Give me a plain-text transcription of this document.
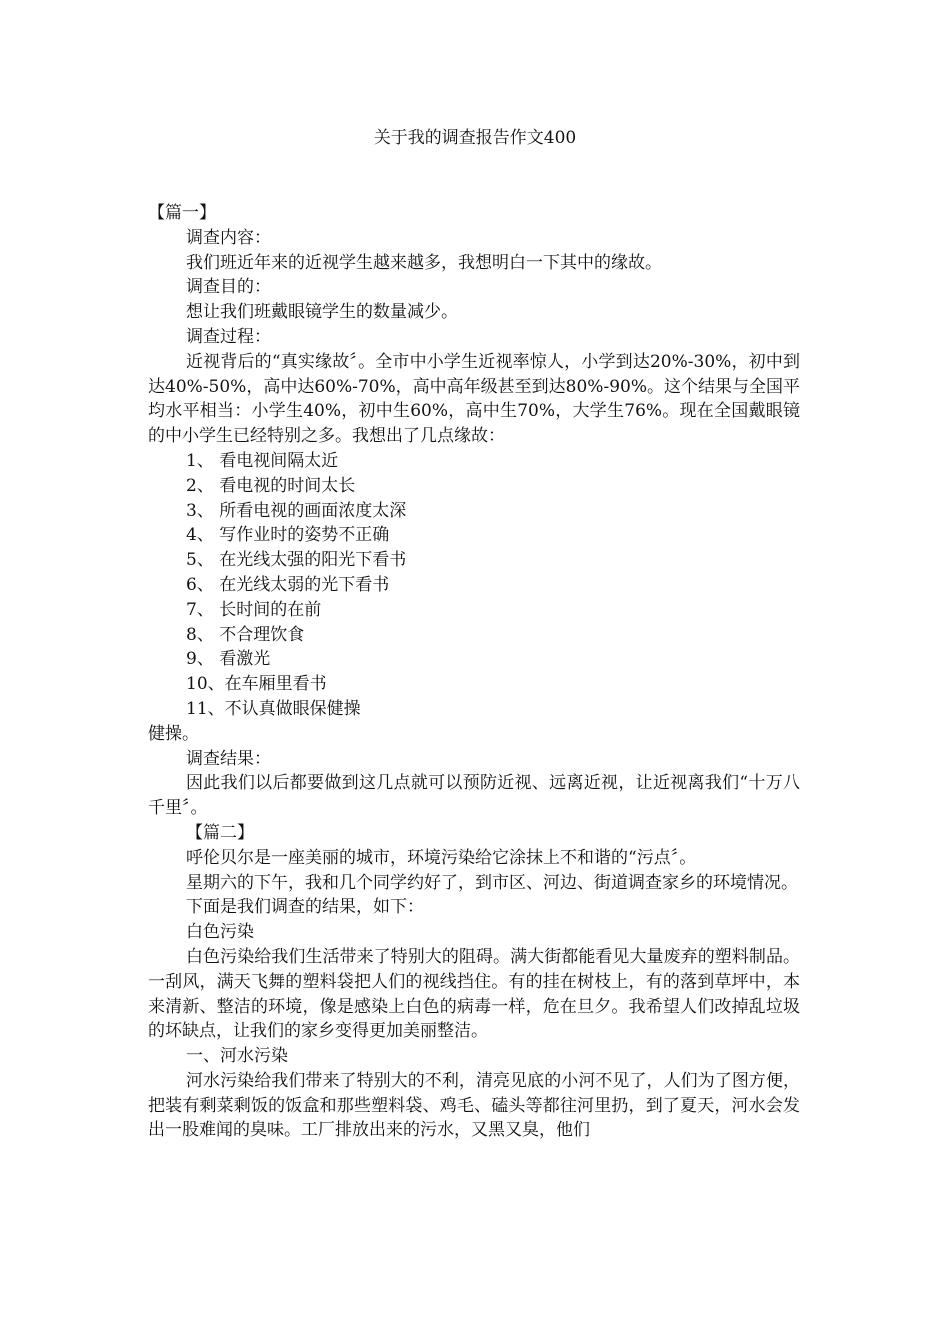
关于我的调查报告作文400

【篇一】

调查内容：

我们班近年来的近视学生越来越多，我想明白一下其中的缘故。

调查目的：

想让我们班戴眼镜学生的数量减少。

调查过程：

近视背后的“真实缘故〞。全市中小学生近视率惊人，小学到达20%-30%，初中到达40%-50%，高中达60%-70%，高中高年级甚至到达80%-90%。这个结果与全国平均水平相当：小学生40%，初中生60%，高中生70%，大学生76%。现在全国戴眼镜的中小学生已经特别之多。我想出了几点缘故：

1、 看电视间隔太近

2、 看电视的时间太长

3、 所看电视的画面浓度太深

4、 写作业时的姿势不正确

5、 在光线太强的阳光下看书

6、 在光线太弱的光下看书

7、 长时间的在前

8、 不合理饮食

9、 看激光

10、在车厢里看书

11、不认真做眼保健操

健操。

调查结果：

因此我们以后都要做到这几点就可以预防近视、远离近视，让近视离我们“十万八千里〞。

【篇二】

呼伦贝尔是一座美丽的城市，环境污染给它涂抹上不和谐的“污点〞。

星期六的下午，我和几个同学约好了，到市区、河边、街道调查家乡的环境情况。

下面是我们调查的结果，如下：

白色污染

白色污染给我们生活带来了特别大的阻碍。满大街都能看见大量废弃的塑料制品。一刮风，满天飞舞的塑料袋把人们的视线挡住。有的挂在树枝上，有的落到草坪中，本来清新、整洁的环境，像是感染上白色的病毒一样，危在旦夕。我希望人们改掉乱垃圾的坏缺点，让我们的家乡变得更加美丽整洁。

一、河水污染

河水污染给我们带来了特别大的不利，清亮见底的小河不见了，人们为了图方便，把装有剩菜剩饭的饭盒和那些塑料袋、鸡毛、磕头等都往河里扔，到了夏天，河水会发出一股难闻的臭味。工厂排放出来的污水，又黑又臭，他们
